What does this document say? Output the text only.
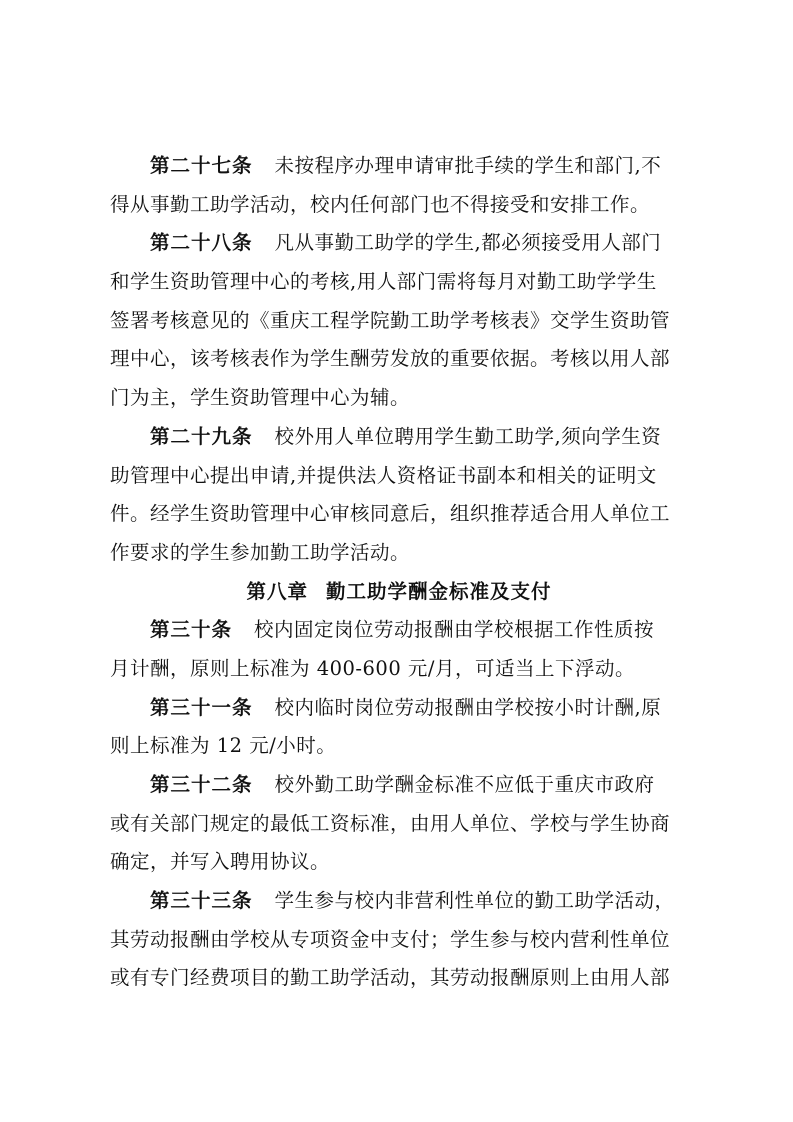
第二十七条 未按程序办理申请审批手续的学生和部门,不
得从事勤工助学活动，校内任何部门也不得接受和安排工作。
第二十八条 凡从事勤工助学的学生,都必须接受用人部门
和学生资助管理中心的考核,用人部门需将每月对勤工助学学生
签署考核意见的《重庆工程学院勤工助学考核表》交学生资助管
理中心，该考核表作为学生酬劳发放的重要依据。考核以用人部
门为主，学生资助管理中心为辅。
第二十九条 校外用人单位聘用学生勤工助学,须向学生资
助管理中心提出申请,并提供法人资格证书副本和相关的证明文
件。经学生资助管理中心审核同意后，组织推荐适合用人单位工
作要求的学生参加勤工助学活动。
第八章 勤工助学酬金标准及支付
第三十条 校内固定岗位劳动报酬由学校根据工作性质按
月计酬，原则上标准为 400-600 元/月，可适当上下浮动。
第三十一条 校内临时岗位劳动报酬由学校按小时计酬,原
则上标准为 12 元/小时。
第三十二条 校外勤工助学酬金标准不应低于重庆市政府
或有关部门规定的最低工资标准，由用人单位、学校与学生协商
确定，并写入聘用协议。
第三十三条 学生参与校内非营利性单位的勤工助学活动，
其劳动报酬由学校从专项资金中支付；学生参与校内营利性单位
或有专门经费项目的勤工助学活动，其劳动报酬原则上由用人部
